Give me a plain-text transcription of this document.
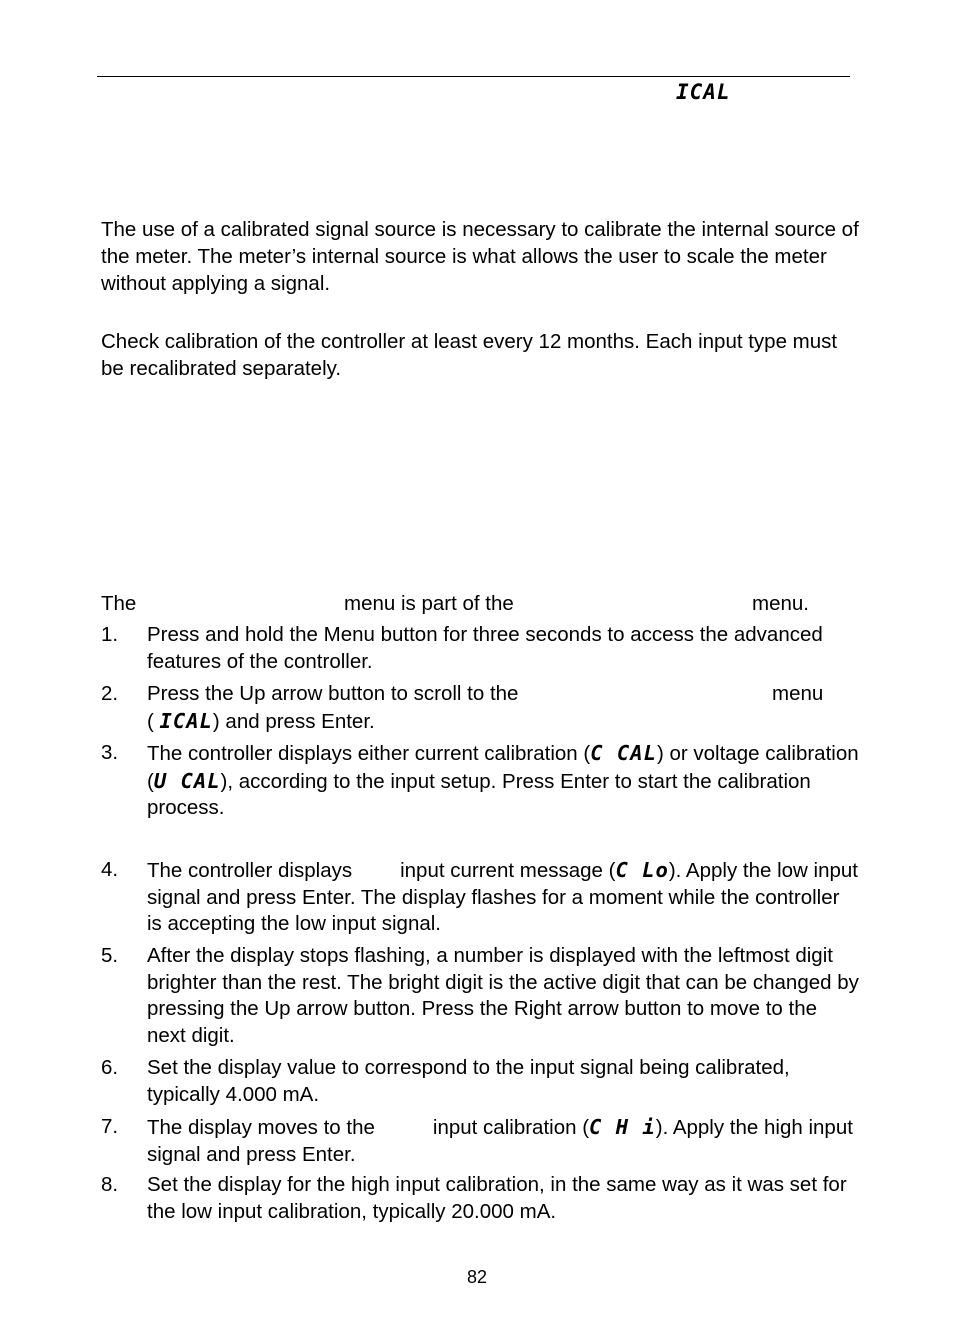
ICAL

The use of a calibrated signal source is necessary to calibrate the internal source of the meter. The meter’s internal source is what allows the user to scale the meter without applying a signal.

Check calibration of the controller at least every 12 months. Each input type must be recalibrated separately.

The	menu is part of the	menu.
1. Press and hold the Menu button for three seconds to access the advanced features of the controller.
2. Press the Up arrow button to scroll to the	menu
( ICAL) and press Enter.
3. The controller displays either current calibration (C CAL) or voltage calibration (U CAL), according to the input setup. Press Enter to start the calibration process.
4. The controller displays input current message (C Lo). Apply the low input signal and press Enter. The display flashes for a moment while the controller is accepting the low input signal.
5. After the display stops flashing, a number is displayed with the leftmost digit brighter than the rest. The bright digit is the active digit that can be changed by pressing the Up arrow button. Press the Right arrow button to move to the next digit.
6. Set the display value to correspond to the input signal being calibrated, typically 4.000 mA.
7. The display moves to the	input calibration (C H i). Apply the high input signal and press Enter.
8. Set the display for the high input calibration, in the same way as it was set for the low input calibration, typically 20.000 mA.
82
